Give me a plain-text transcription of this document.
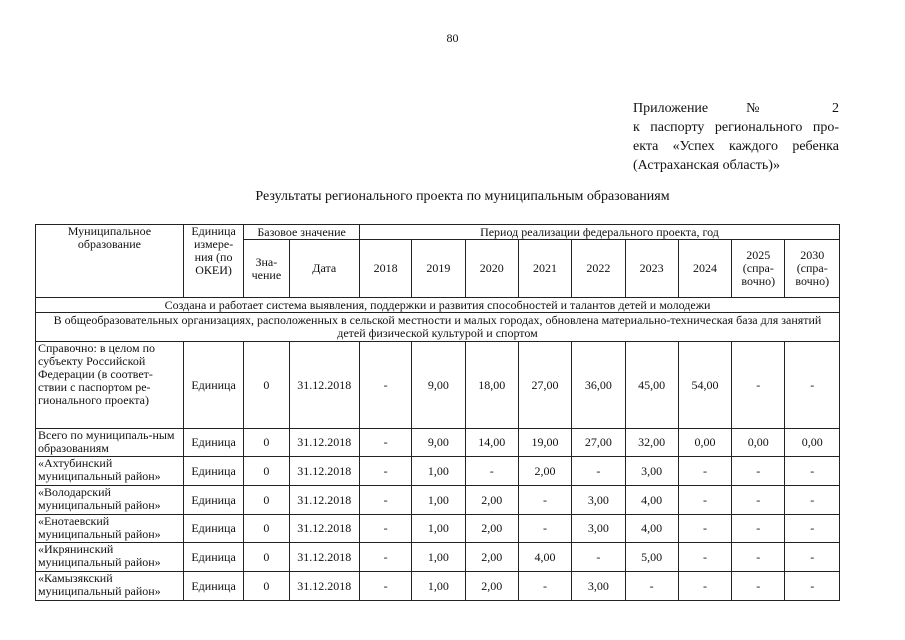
80
Приложение № 2
к паспорту регионального про-
екта «Успех каждого ребенка
(Астраханская область)»
Результаты регионального проекта по муниципальным образованиям
Муниципальное образование	Единица измере-ния (по ОКЕИ)	Базовое значение		Период реализации федерального проекта, год								
		Зна-чение	Дата	2018	2019	2020	2021	2022	2023	2024	2025 (спра-вочно)	2030 (спра-вочно)
Создана и работает система выявления, поддержки и развития способностей и талантов детей и молодежи												
В общеобразовательных организациях, расположенных в сельской местности и малых городах, обновлена материально-техническая база для занятий детей физической культурой и спортом												
Справочно: в целом по субъекту Российской Федерации (в соответ-ствии с паспортом ре-гионального проекта)	Единица	0	31.12.2018	-	9,00	18,00	27,00	36,00	45,00	54,00	-	-
Всего по муниципаль-ным образованиям	Единица	0	31.12.2018	-	9,00	14,00	19,00	27,00	32,00	0,00	0,00	0,00
«Ахтубинский муниципальный район»	Единица	0	31.12.2018	-	1,00	-	2,00	-	3,00	-	-	-
«Володарский муниципальный район»	Единица	0	31.12.2018	-	1,00	2,00	-	3,00	4,00	-	-	-
«Енотаевский муниципальный район»	Единица	0	31.12.2018	-	1,00	2,00	-	3,00	4,00	-	-	-
«Икрянинский муниципальный район»	Единица	0	31.12.2018	-	1,00	2,00	4,00	-	5,00	-	-	-
«Камызякский муниципальный район»	Единица	0	31.12.2018	-	1,00	2,00	-	3,00	-	-	-	-
